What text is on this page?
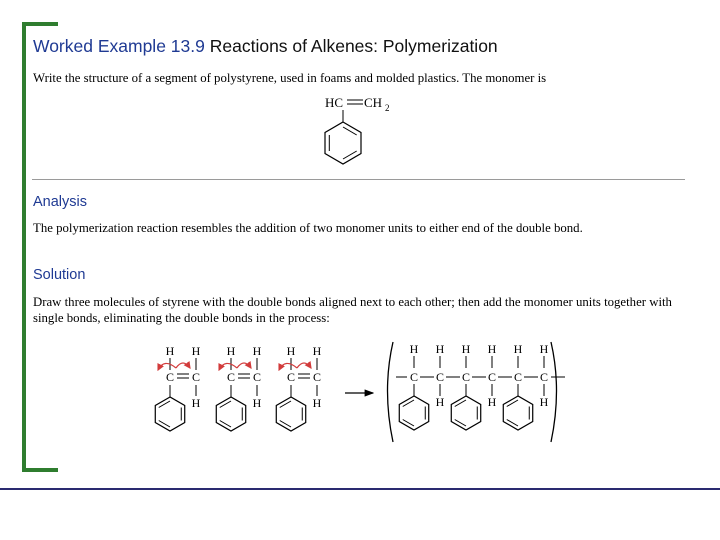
Worked Example 13.9 Reactions of Alkenes: Polymerization
Write the structure of a segment of polystyrene, used in foams and molded plastics. The monomer is
HC CH 2
Analysis
The polymerization reaction resembles the addition of two monomer units to either end of the double bond.
Solution
Draw three molecules of styrene with the double bonds aligned next to each other; then add the monomer units together with single bonds, eliminating the double bonds in the process:
H H
C C
H
H H
C C
H
H H
C C
H
H
C
H
C
H
H
C
H
C
H
H
C
H
C
H
